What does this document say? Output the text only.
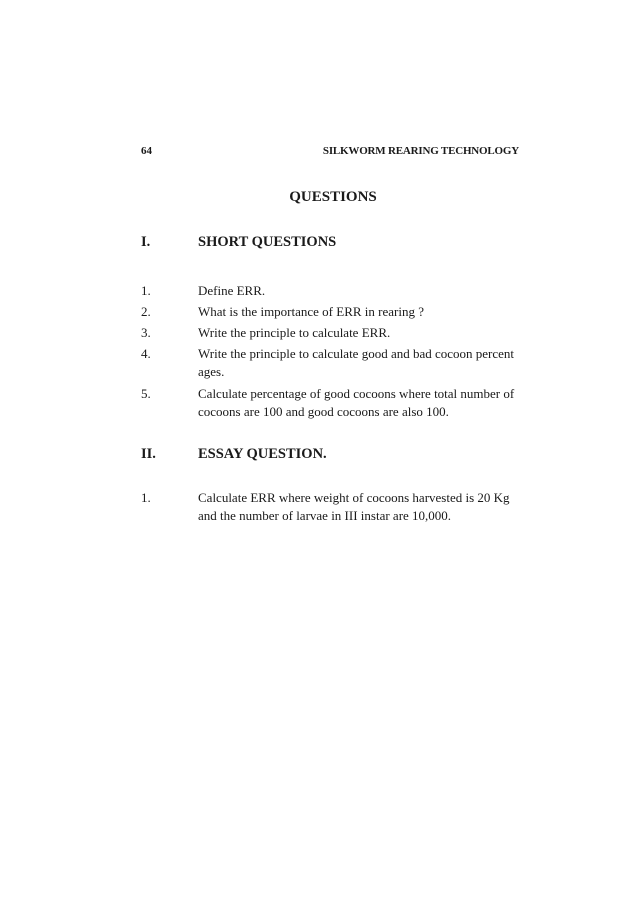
64	SILKWORM REARING TECHNOLOGY
QUESTIONS
I.	SHORT QUESTIONS
1.	Define ERR.
2.	What is the importance of ERR in rearing ?
3.	Write the principle to calculate ERR.
4.	Write the principle to calculate good and bad cocoon percent ages.
5.	Calculate percentage of good cocoons where total number of cocoons are 100 and good cocoons are also 100.
II.	ESSAY QUESTION.
1.	Calculate ERR where weight of cocoons harvested is 20 Kg and the number of larvae in III instar are 10,000.
